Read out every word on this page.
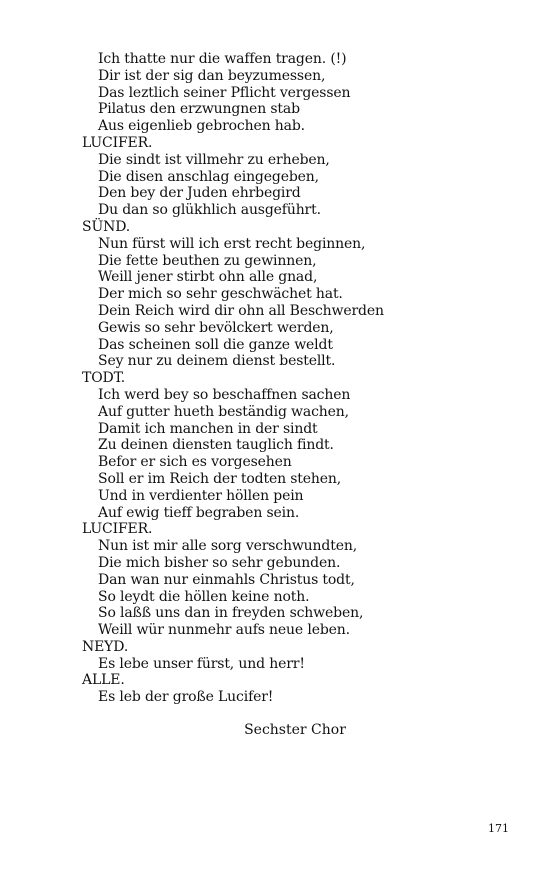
Ich thatte nur die waffen tragen. (!)
Dir ist der sig dan beyzumessen,
Das leztlich seiner Pflicht vergessen
Pilatus den erzwungnen stab
Aus eigenlieb gebrochen hab.
LUCIFER.
Die sindt ist villmehr zu erheben,
Die disen anschlag eingegeben,
Den bey der Juden ehrbegird
Du dan so glükhlich ausgeführt.
SÜND.
Nun fürst will ich erst recht beginnen,
Die fette beuthen zu gewinnen,
Weill jener stirbt ohn alle gnad,
Der mich so sehr geschwächet hat.
Dein Reich wird dir ohn all Beschwerden
Gewis so sehr bevölckert werden,
Das scheinen soll die ganze weldt
Sey nur zu deinem dienst bestellt.
TODT.
Ich werd bey so beschaffnen sachen
Auf gutter hueth beständig wachen,
Damit ich manchen in der sindt
Zu deinen diensten tauglich findt.
Befor er sich es vorgesehen
Soll er im Reich der todten stehen,
Und in verdienter höllen pein
Auf ewig tieff begraben sein.
LUCIFER.
Nun ist mir alle sorg verschwundten,
Die mich bisher so sehr gebunden.
Dan wan nur einmahls Christus todt,
So leydt die höllen keine noth.
So laßß uns dan in freyden schweben,
Weill wür nunmehr aufs neue leben.
NEYD.
Es lebe unser fürst, und herr!
ALLE.
Es leb der große Lucifer!
Sechster Chor
171
